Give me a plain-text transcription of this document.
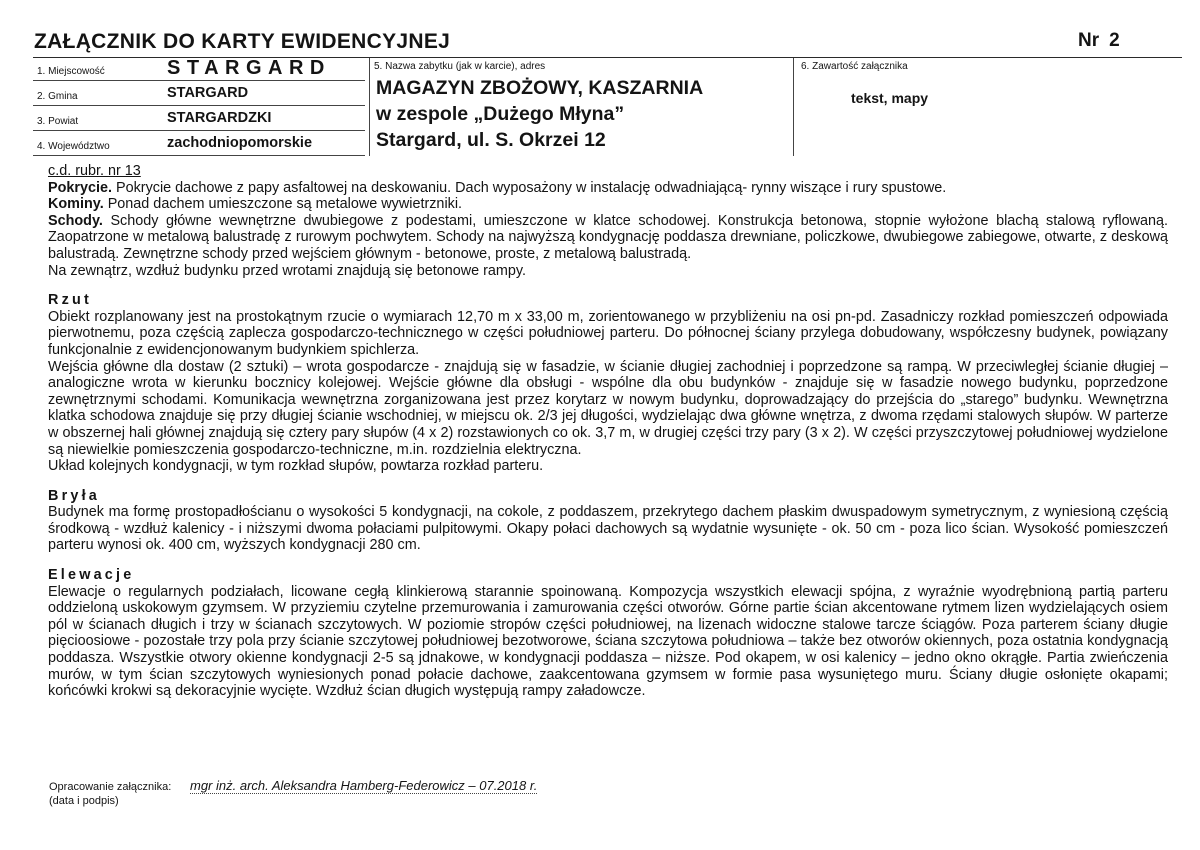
ZAŁĄCZNIK DO KARTY EWIDENCYJNEJ	Nr 2
1. Miejscowość	STARGARD
2. Gmina	STARGARD
3. Powiat	STARGARDZKI
4. Województwo	zachodniopomorskie
5. Nazwa zabytku (jak w karcie), adres
MAGAZYN ZBOŻOWY, KASZARNIA
w zespole „Dużego Młyna”
Stargard, ul. S. Okrzei 12
6. Zawartość załącznika
tekst, mapy

c.d. rubr. nr 13

Pokrycie. Pokrycie dachowe z papy asfaltowej na deskowaniu. Dach wyposażony w instalację odwadniającą- rynny wiszące i rury spustowe.

Kominy. Ponad dachem umieszczone są metalowe wywietrzniki.

Schody. Schody główne wewnętrzne dwubiegowe z podestami, umieszczone w klatce schodowej. Konstrukcja betonowa, stopnie wyłożone blachą stalową ryflowaną. Zaopatrzone w metalową balustradę z rurowym pochwytem. Schody na najwyższą kondygnację poddasza drewniane, policzkowe, dwubiegowe zabiegowe, otwarte, z deskową balustradą. Zewnętrzne schody przed wejściem głównym - betonowe, proste, z metalową balustradą.

Na zewnątrz, wzdłuż budynku przed wrotami znajdują się betonowe rampy.

Rzut

Obiekt rozplanowany jest na prostokątnym rzucie o wymiarach 12,70 m x 33,00 m, zorientowanego w przybliżeniu na osi pn-pd. Zasadniczy rozkład pomieszczeń odpowiada pierwotnemu, poza częścią zaplecza gospodarczo-technicznego w części południowej parteru. Do północnej ściany przylega dobudowany, współczesny budynek, powiązany funkcjonalnie z ewidencjonowanym budynkiem spichlerza.

Wejścia główne dla dostaw (2 sztuki) – wrota gospodarcze - znajdują się w fasadzie, w ścianie długiej zachodniej i poprzedzone są rampą. W przeciwległej ścianie długiej – analogiczne wrota w kierunku bocznicy kolejowej. Wejście główne dla obsługi - wspólne dla obu budynków - znajduje się w fasadzie nowego budynku, poprzedzone zewnętrznymi schodami. Komunikacja wewnętrzna zorganizowana jest przez korytarz w nowym budynku, doprowadzający do przejścia do „starego” budynku. Wewnętrzna klatka schodowa znajduje się przy długiej ścianie wschodniej, w miejscu ok. 2/3 jej długości, wydzielając dwa główne wnętrza, z dwoma rzędami stalowych słupów. W parterze w obszernej hali głównej znajdują się cztery pary słupów (4 x 2) rozstawionych co ok. 3,7 m, w drugiej części trzy pary (3 x 2). W części przyszczytowej południowej wydzielone są niewielkie pomieszczenia gospodarczo-techniczne, m.in. rozdzielnia elektryczna.

Układ kolejnych kondygnacji, w tym rozkład słupów, powtarza rozkład parteru.

Bryła

Budynek ma formę prostopadłościanu o wysokości 5 kondygnacji, na cokole, z poddaszem, przekrytego dachem płaskim dwuspadowym symetrycznym, z wyniesioną częścią środkową - wzdłuż kalenicy - i niższymi dwoma połaciami pulpitowymi. Okapy połaci dachowych są wydatnie wysunięte - ok. 50 cm - poza lico ścian. Wysokość pomieszczeń parteru wynosi ok. 400 cm, wyższych kondygnacji 280 cm.

Elewacje

Elewacje o regularnych podziałach, licowane cegłą klinkierową starannie spoinowaną. Kompozycja wszystkich elewacji spójna, z wyraźnie wyodrębnioną partią parteru oddzieloną uskokowym gzymsem. W przyziemiu czytelne przemurowania i zamurowania części otworów. Górne partie ścian akcentowane rytmem lizen wydzielających osiem pól w ścianach długich i trzy w ścianach szczytowych. W poziomie stropów części południowej, na lizenach widoczne stalowe tarcze ściągów. Poza parterem ściany długie pięcioosiowe - pozostałe trzy pola przy ścianie szczytowej południowej bezotworowe, ściana szczytowa południowa – także bez otworów okiennych, poza ostatnia kondygnacją poddasza. Wszystkie otwory okienne kondygnacji 2-5 są jdnakowe, w kondygnacji poddasza – niższe. Pod okapem, w osi kalenicy – jedno okno okrągłe. Partia zwieńczenia murów, w tym ścian szczytowych wyniesionych ponad połacie dachowe, zaakcentowana gzymsem w formie pasa wysuniętego muru. Ściany długie osłonięte okapami; końcówki krokwi są dekoracyjnie wycięte. Wzdłuż ścian długich występują rampy załadowcze.

Opracowanie załącznika:
(data i podpis)
mgr inż. arch. Aleksandra Hamberg-Federowicz – 07.2018 r.
